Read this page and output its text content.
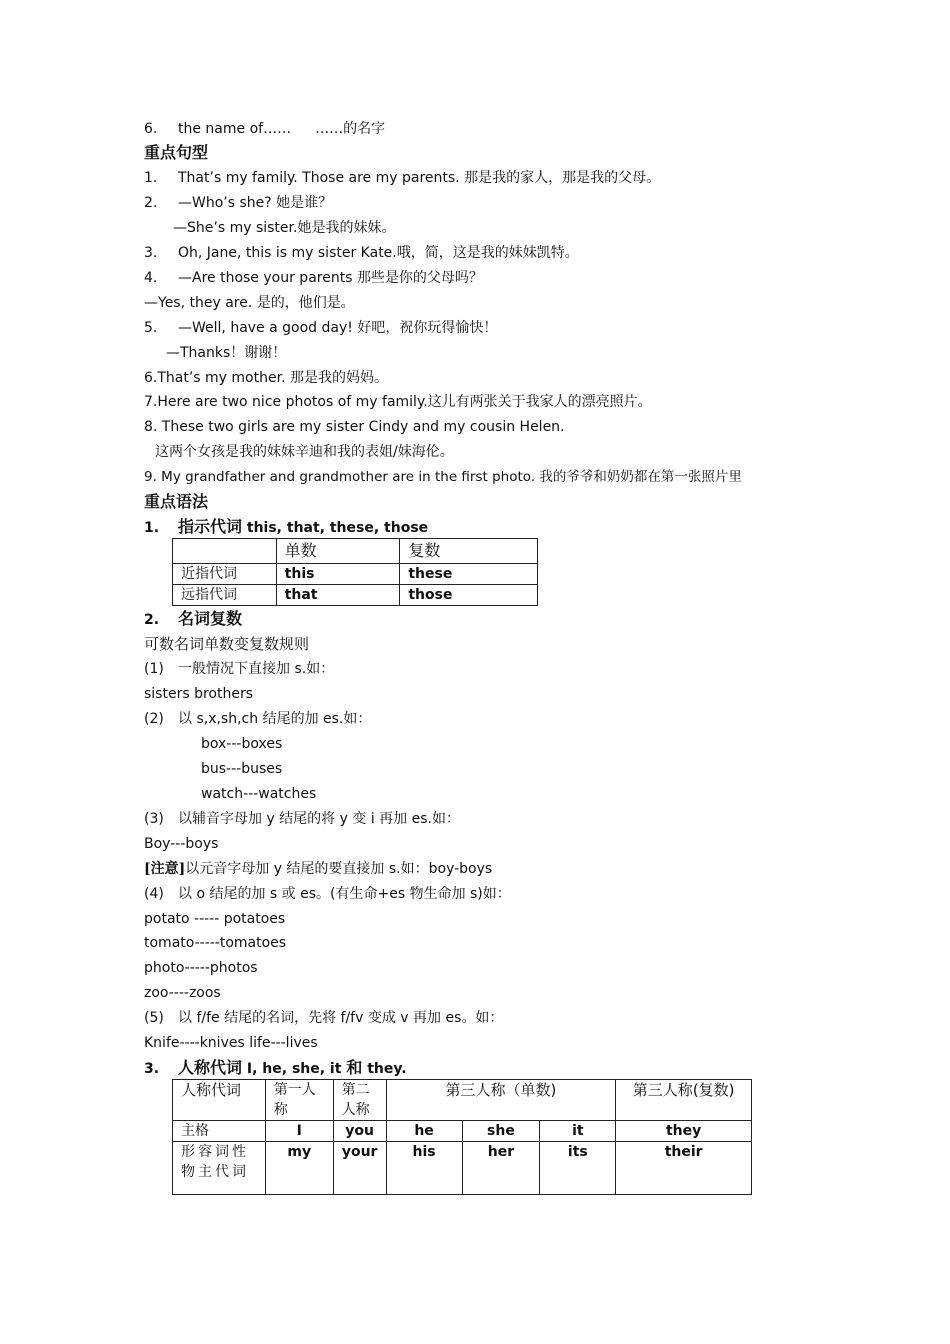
6. the name of…… ……的名字
重点句型
1. That’s my family. Those are my parents. 那是我的家人，那是我的父母。
2. —Who’s she? 她是谁？
—She’s my sister.她是我的妹妹。
3. Oh, Jane, this is my sister Kate.哦，简，这是我的妹妹凯特。
4. —Are those your parents 那些是你的父母吗？
—Yes, they are. 是的，他们是。
5. —Well, have a good day! 好吧，祝你玩得愉快！
—Thanks！谢谢！
6.That’s my mother. 那是我的妈妈。
7.Here are two nice photos of my family.这儿有两张关于我家人的漂亮照片。
8. These two girls are my sister Cindy and my cousin Helen.
这两个女孩是我的妹妹辛迪和我的表姐/妹海伦。
9. My grandfather and grandmother are in the first photo. 我的爷爷和奶奶都在第一张照片里
重点语法
1. 指示代词 this, that, these, those
	单数	复数
近指代词	this	these
远指代词	that	those
2. 名词复数
可数名词单数变复数规则
(1) 一般情况下直接加 s.如：
sisters brothers
(2) 以 s,x,sh,ch 结尾的加 es.如：
box---boxes
bus---buses
watch---watches
(3) 以辅音字母加 y 结尾的将 y 变 i 再加 es.如：
Boy---boys
[注意]以元音字母加 y 结尾的要直接加 s.如：boy-boys
(4) 以 o 结尾的加 s 或 es。(有生命+es 物生命加 s)如：
potato ----- potatoes
tomato-----tomatoes
photo-----photos
zoo----zoos
(5) 以 f/fe 结尾的名词，先将 f/fv 变成 v 再加 es。如：
Knife----knives life---lives
3. 人称代词 I, he, she, it 和 they.
人称代词	第一人称	第二人称	第三人称（单数)			第三人称(复数)
主格	I	you	he	she	it	they
形容词性物主代词	my	your	his	her	its	their
